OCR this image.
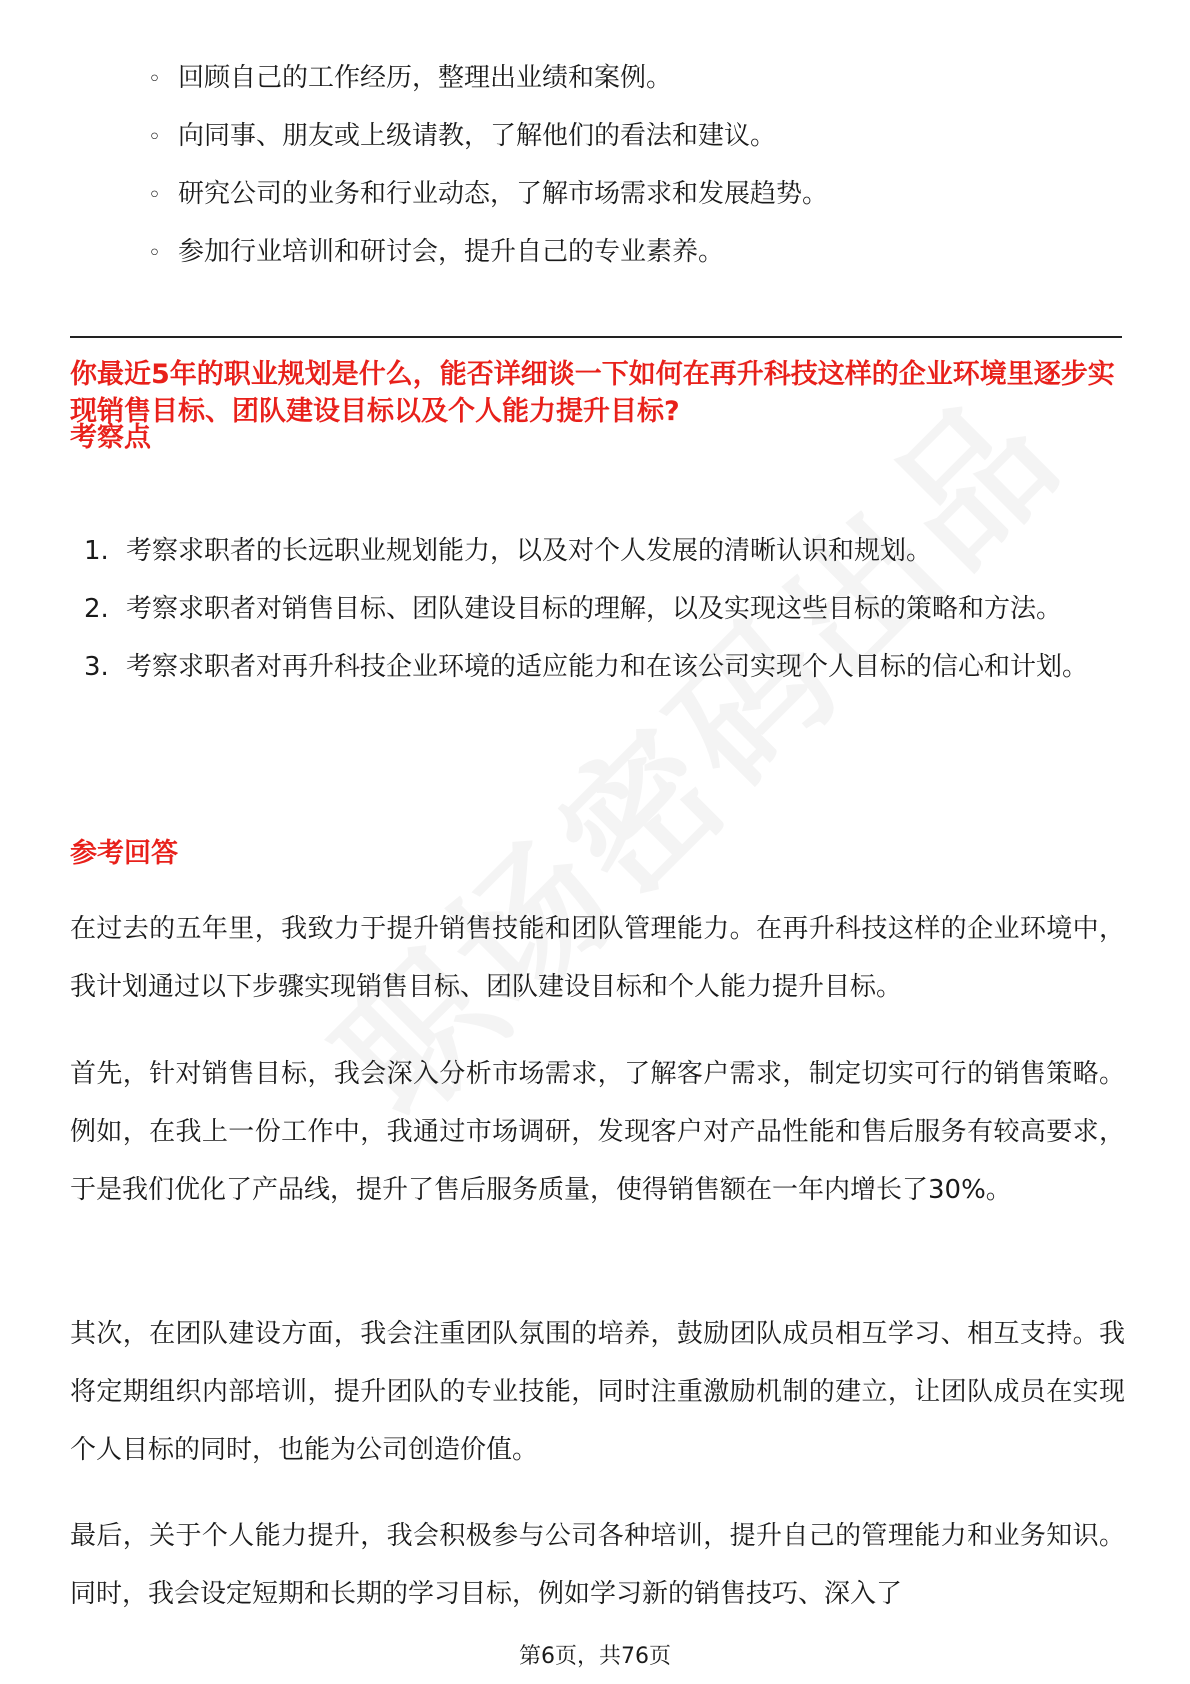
◦ 回顾自己的工作经历，整理出业绩和案例。
◦ 向同事、朋友或上级请教，了解他们的看法和建议。
◦ 研究公司的业务和行业动态，了解市场需求和发展趋势。
◦ 参加行业培训和研讨会，提升自己的专业素养。

你最近5年的职业规划是什么，能否详细谈一下如何在再升科技这样的企业环境里逐步实现销售目标、团队建设目标以及个人能力提升目标?

考察点
1. 考察求职者的长远职业规划能力，以及对个人发展的清晰认识和规划。
2. 考察求职者对销售目标、团队建设目标的理解，以及实现这些目标的策略和方法。
3. 考察求职者对再升科技企业环境的适应能力和在该公司实现个人目标的信心和计划。
参考回答

在过去的五年里，我致力于提升销售技能和团队管理能力。在再升科技这样的企业环境中，我计划通过以下步骤实现销售目标、团队建设目标和个人能力提升目标。

首先，针对销售目标，我会深入分析市场需求，了解客户需求，制定切实可行的销售策略。例如，在我上一份工作中，我通过市场调研，发现客户对产品性能和售后服务有较高要求，于是我们优化了产品线，提升了售后服务质量，使得销售额在一年内增长了30%。

其次，在团队建设方面，我会注重团队氛围的培养，鼓励团队成员相互学习、相互支持。我将定期组织内部培训，提升团队的专业技能，同时注重激励机制的建立，让团队成员在实现个人目标的同时，也能为公司创造价值。

最后，关于个人能力提升，我会积极参与公司各种培训，提升自己的管理能力和业务知识。同时，我会设定短期和长期的学习目标，例如学习新的销售技巧、深入了

第6页，共76页
